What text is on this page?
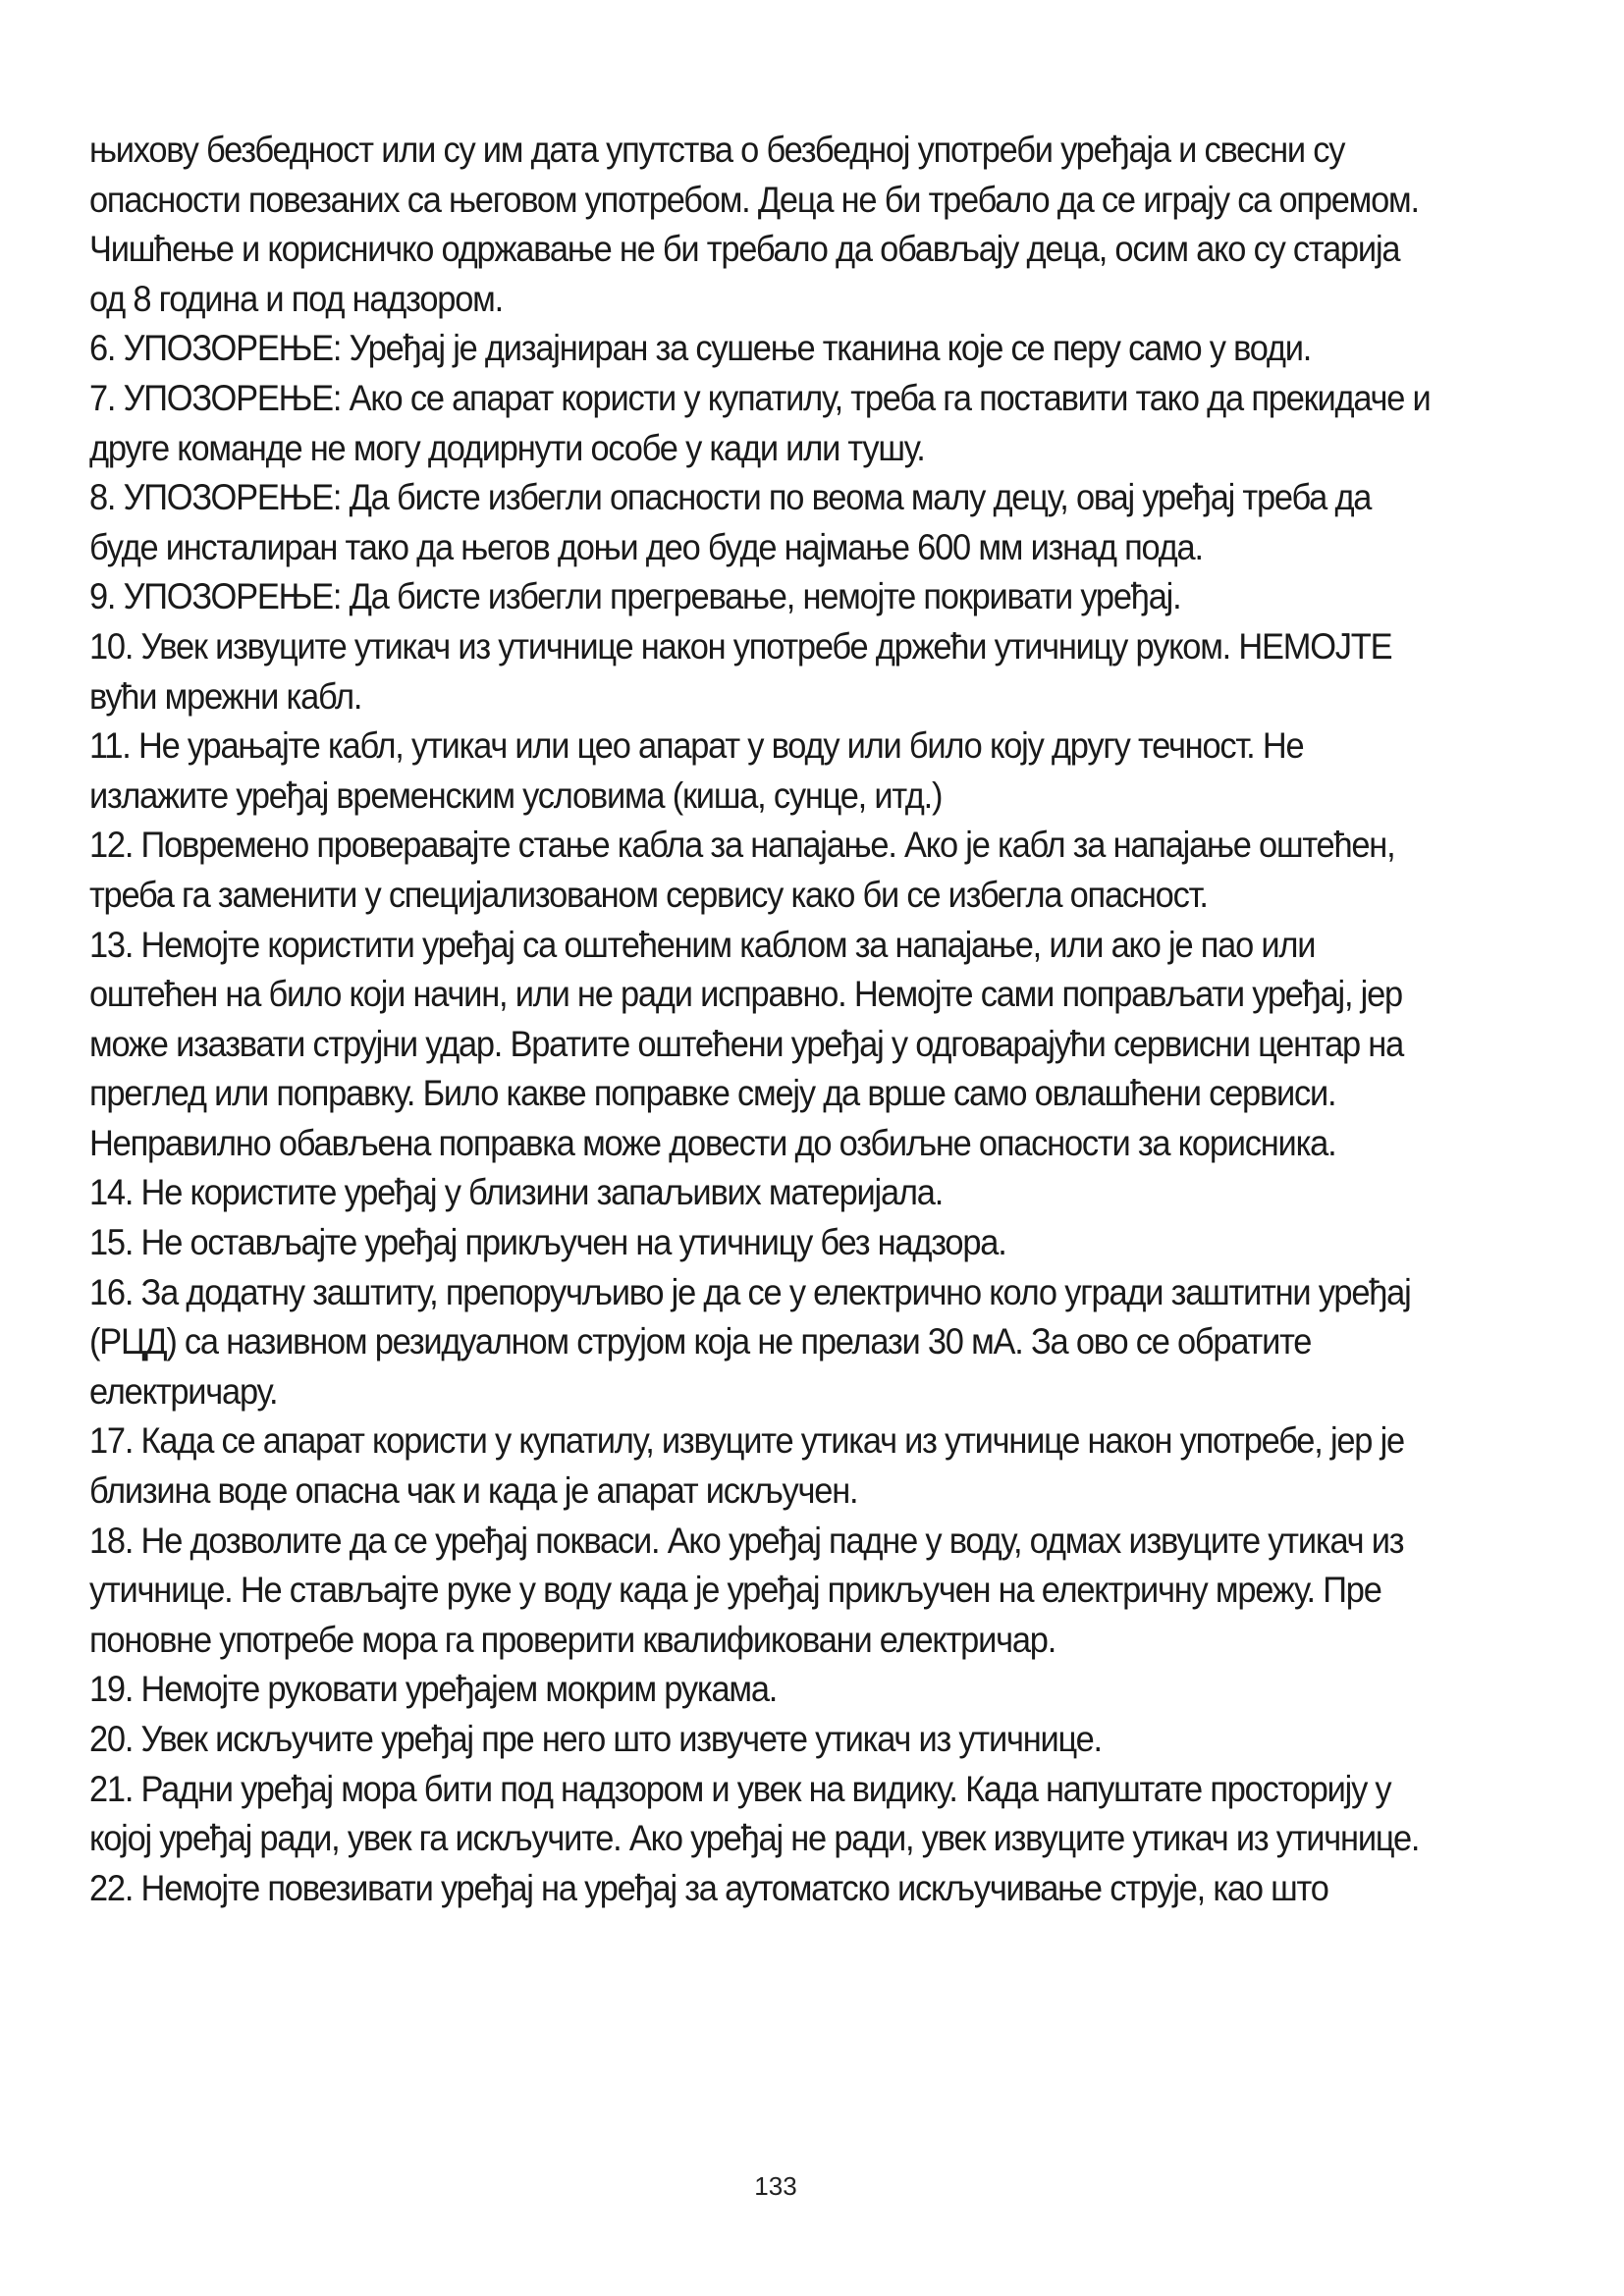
њихову безбедност или су им дата упутства о безбедној употреби уређаја и свесни су опасности повезаних са његовом употребом. Деца не би требало да се играју са опремом. Чишћење и корисничко одржавање не би требало да обављају деца, осим ако су старија од 8 година и под надзором.

6. УПОЗОРЕЊЕ: Уређај је дизајниран за сушење тканина које се перу само у води.

7. УПОЗОРЕЊЕ: Ако се апарат користи у купатилу, треба га поставити тако да прекидаче и друге команде не могу додирнути особе у кади или тушу.

8. УПОЗОРЕЊЕ: Да бисте избегли опасности по веома малу децу, овај уређај треба да буде инсталиран тако да његов доњи део буде најмање 600 мм изнад пода.

9. УПОЗОРЕЊЕ: Да бисте избегли прегревање, немојте покривати уређај.

10. Увек извуците утикач из утичнице након употребе држећи утичницу руком. НЕМОЈТЕ вући мрежни кабл.

11. Не урањајте кабл, утикач или цео апарат у воду или било коју другу течност. Не излажите уређај временским условима (киша, сунце, итд.)

12. Повремено проверавајте стање кабла за напајање. Ако је кабл за напајање оштећен, треба га заменити у специјализованом сервису како би се избегла опасност.

13. Немојте користити уређај са оштећеним каблом за напајање, или ако је пао или оштећен на било који начин, или не ради исправно. Немојте сами поправљати уређај, јер може изазвати струјни удар. Вратите оштећени уређај у одговарајући сервисни центар на преглед или поправку. Било какве поправке смеју да врше само овлашћени сервиси. Неправилно обављена поправка може довести до озбиљне опасности за корисника.

14. Не користите уређај у близини запаљивих материјала.

15. Не остављајте уређај прикључен на утичницу без надзора.

16. За додатну заштиту, препоручљиво је да се у електрично коло угради заштитни уређај (РЦД) са називном резидуалном струјом која не прелази 30 мА. За ово се обратите електричару.

17. Када се апарат користи у купатилу, извуците утикач из утичнице након употребе, јер је близина воде опасна чак и када је апарат искључен.

18. Не дозволите да се уређај покваси. Ако уређај падне у воду, одмах извуците утикач из утичнице. Не стављајте руке у воду када је уређај прикључен на електричну мрежу. Пре поновне употребе мора га проверити квалификовани електричар.

19. Немојте руковати уређајем мокрим рукама.

20. Увек искључите уређај пре него што извучете утикач из утичнице.

21. Радни уређај мора бити под надзором и увек на видику. Када напуштате просторију у којој уређај ради, увек га искључите. Ако уређај не ради, увек извуците утикач из утичнице.

22. Немојте повезивати уређај на уређај за аутоматско искључивање струје, као што

133
